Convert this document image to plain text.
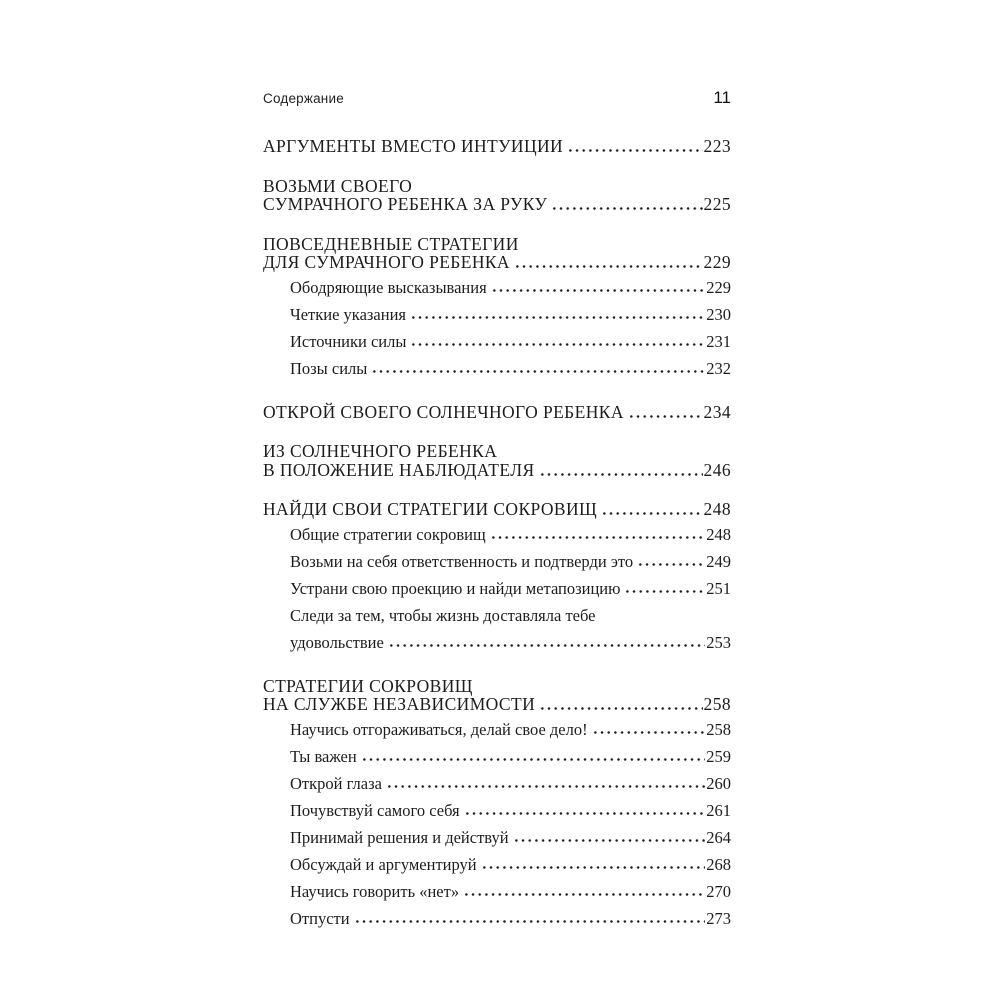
Содержание	11
АРГУМЕНТЫ ВМЕСТО ИНТУИЦИИ	223
ВОЗЬМИ СВОЕГО
СУМРАЧНОГО РЕБЕНКА ЗА РУКУ	225
ПОВСЕДНЕВНЫЕ СТРАТЕГИИ
ДЛЯ СУМРАЧНОГО РЕБЕНКА	229
Ободряющие высказывания	229
Четкие указания	230
Источники силы	231
Позы силы	232
ОТКРОЙ СВОЕГО СОЛНЕЧНОГО РЕБЕНКА	234
ИЗ СОЛНЕЧНОГО РЕБЕНКА
В ПОЛОЖЕНИЕ НАБЛЮДАТЕЛЯ	246
НАЙДИ СВОИ СТРАТЕГИИ СОКРОВИЩ	248
Общие стратегии сокровищ	248
Возьми на себя ответственность и подтверди это	249
Устрани свою проекцию и найди метапозицию	251
Следи за тем, чтобы жизнь доставляла тебе
удовольствие	253
СТРАТЕГИИ СОКРОВИЩ
НА СЛУЖБЕ НЕЗАВИСИМОСТИ	258
Научись отгораживаться, делай свое дело!	258
Ты важен	259
Открой глаза	260
Почувствуй самого себя	261
Принимай решения и действуй	264
Обсуждай и аргументируй	268
Научись говорить «нет»	270
Отпусти	273
